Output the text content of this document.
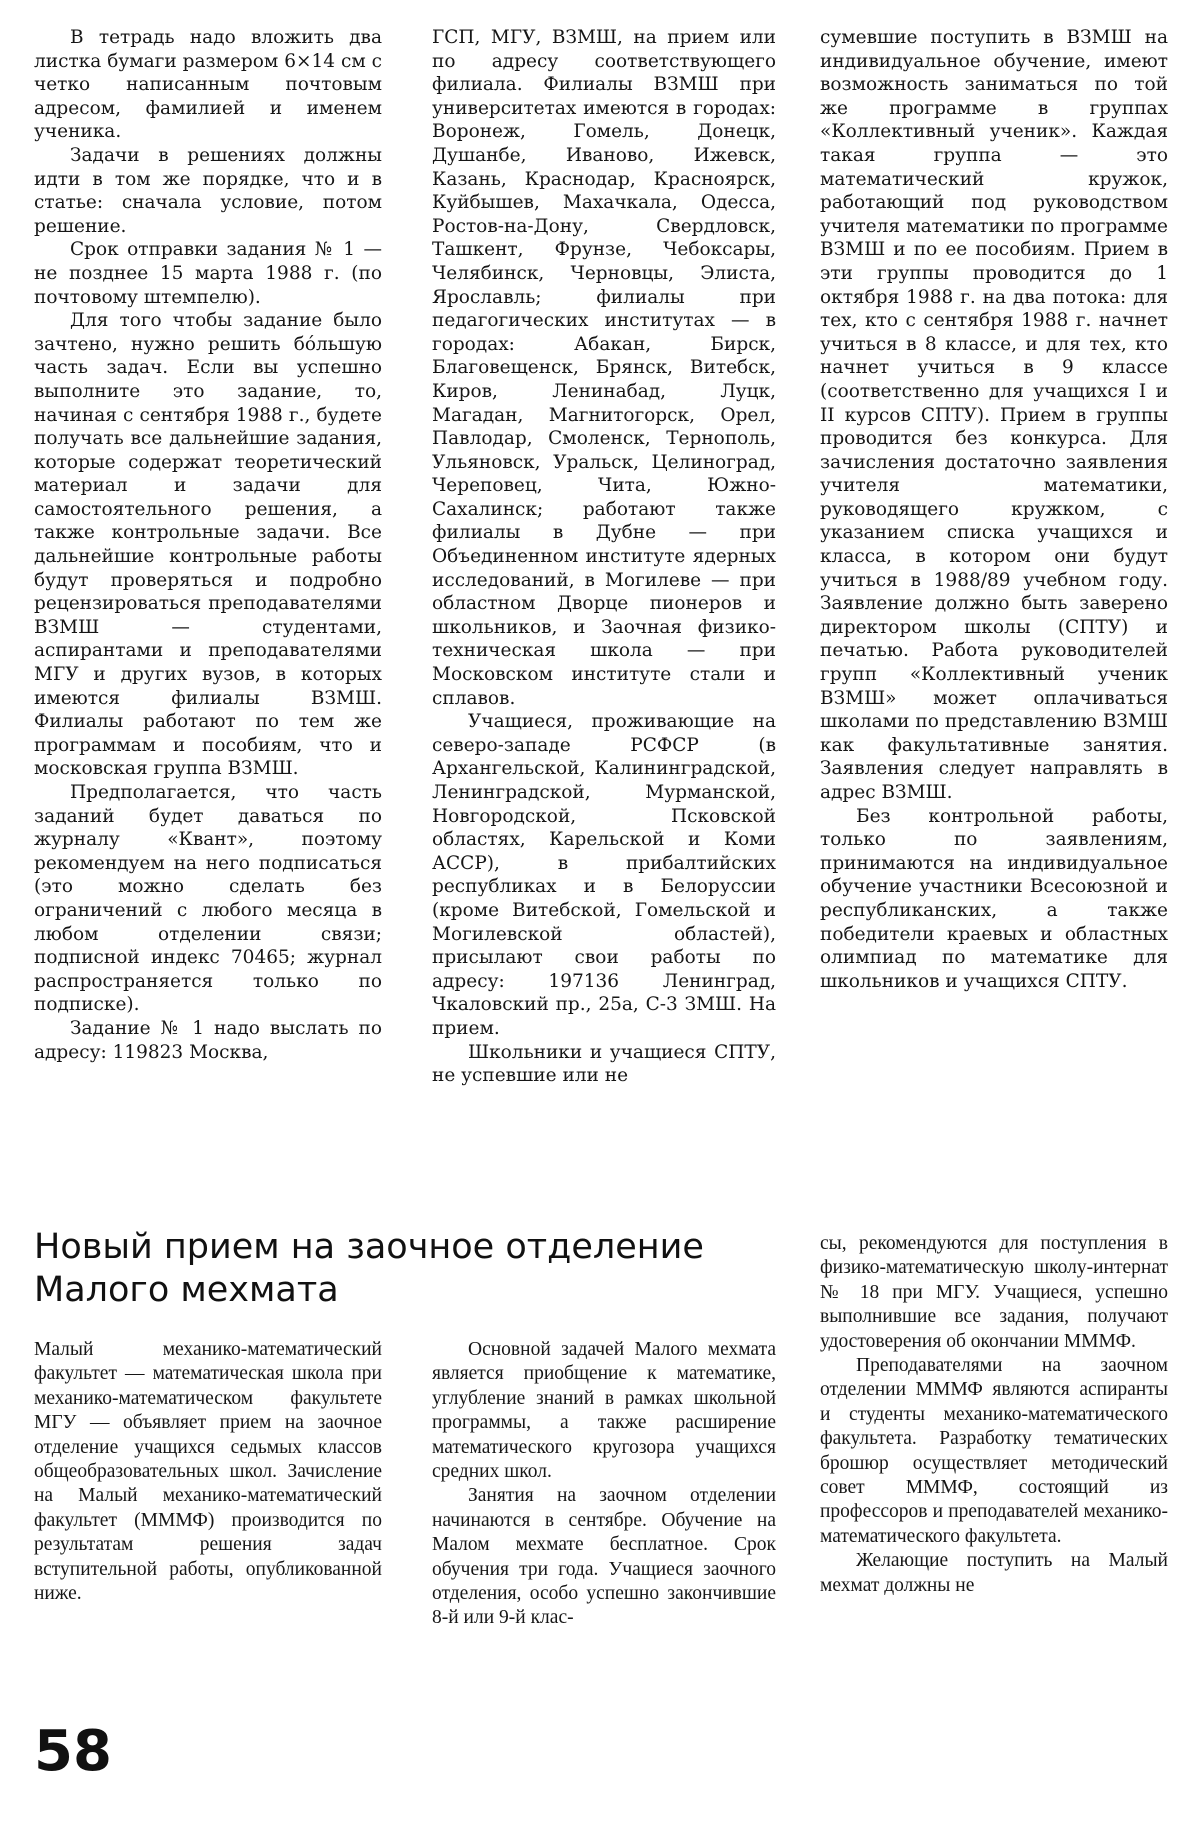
В тетрадь надо вложить два листка бумаги размером 6×14 см с четко написанным почтовым адресом, фамилией и именем ученика.

Задачи в решениях должны идти в том же порядке, что и в статье: сначала условие, потом решение.

Срок отправки задания № 1 — не позднее 15 марта 1988 г. (по почтовому штемпелю).

Для того чтобы задание было зачтено, нужно решить бо́льшую часть задач. Если вы успешно выполните это задание, то, начиная с сентября 1988 г., будете получать все дальнейшие задания, которые содержат теоретический материал и задачи для самостоятельного решения, а также контрольные задачи. Все дальнейшие контрольные работы будут проверяться и подробно рецензироваться преподавателями ВЗМШ — студентами, аспирантами и преподавателями МГУ и других вузов, в которых имеются филиалы ВЗМШ. Филиалы работают по тем же программам и пособиям, что и московская группа ВЗМШ.

Предполагается, что часть заданий будет даваться по журналу «Квант», поэтому рекомендуем на него подписаться (это можно сделать без ограничений с любого месяца в любом отделении связи; подписной индекс 70465; журнал распространяется только по подписке).

Задание № 1 надо выслать по адресу: 119823 Москва,

ГСП, МГУ, ВЗМШ, на прием или по адресу соответствующего филиала. Филиалы ВЗМШ при университетах имеются в городах: Воронеж, Гомель, Донецк, Душанбе, Иваново, Ижевск, Казань, Краснодар, Красноярск, Куйбышев, Махачкала, Одесса, Ростов-на-Дону, Свердловск, Ташкент, Фрунзе, Чебоксары, Челябинск, Черновцы, Элиста, Ярославль; филиалы при педагогических институтах — в городах: Абакан, Бирск, Благовещенск, Брянск, Витебск, Киров, Ленинабад, Луцк, Магадан, Магнитогорск, Орел, Павлодар, Смоленск, Тернополь, Ульяновск, Уральск, Целиноград, Череповец, Чита, Южно-Сахалинск; работают также филиалы в Дубне — при Объединенном институте ядерных исследований, в Могилеве — при областном Дворце пионеров и школьников, и Заочная физико-техническая школа — при Московском институте стали и сплавов.

Учащиеся, проживающие на северо-западе РСФСР (в Архангельской, Калининградской, Ленинградской, Мурманской, Новгородской, Псковской областях, Карельской и Коми АССР), в прибалтийских республиках и в Белоруссии (кроме Витебской, Гомельской и Могилевской областей), присылают свои работы по адресу: 197136 Ленинград, Чкаловский пр., 25а, С-3 ЗМШ. На прием.

Школьники и учащиеся СПТУ, не успевшие или не

сумевшие поступить в ВЗМШ на индивидуальное обучение, имеют возможность заниматься по той же программе в группах «Коллективный ученик». Каждая такая группа — это математический кружок, работающий под руководством учителя математики по программе ВЗМШ и по ее пособиям. Прием в эти группы проводится до 1 октября 1988 г. на два потока: для тех, кто с сентября 1988 г. начнет учиться в 8 классе, и для тех, кто начнет учиться в 9 классе (соответственно для учащихся I и II курсов СПТУ). Прием в группы проводится без конкурса. Для зачисления достаточно заявления учителя математики, руководящего кружком, с указанием списка учащихся и класса, в котором они будут учиться в 1988/89 учебном году. Заявление должно быть заверено директором школы (СПТУ) и печатью. Работа руководителей групп «Коллективный ученик ВЗМШ» может оплачиваться школами по представлению ВЗМШ как факультативные занятия. Заявления следует направлять в адрес ВЗМШ.

Без контрольной работы, только по заявлениям, принимаются на индивидуальное обучение участники Всесоюзной и республиканских, а также победители краевых и областных олимпиад по математике для школьников и учащихся СПТУ.

Новый прием на заочное отделение Малого мехмата

Малый механико-математический факультет — математическая школа при механико-математическом факультете МГУ — объявляет прием на заочное отделение учащихся седьмых классов общеобразовательных школ. Зачисление на Малый механико-математический факультет (МММФ) производится по результатам решения задач вступительной работы, опубликованной ниже.

Основной задачей Малого мехмата является приобщение к математике, углубление знаний в рамках школьной программы, а также расширение математического кругозора учащихся средних школ.

Занятия на заочном отделении начинаются в сентябре. Обучение на Малом мехмате бесплатное. Срок обучения три года. Учащиеся заочного отделения, особо успешно закончившие 8-й или 9-й клас-

сы, рекомендуются для поступления в физико-математическую школу-интернат № 18 при МГУ. Учащиеся, успешно выполнившие все задания, получают удостоверения об окончании МММФ.

Преподавателями на заочном отделении МММФ являются аспиранты и студенты механико-математического факультета. Разработку тематических брошюр осуществляет методический совет МММФ, состоящий из профессоров и преподавателей механико-математического факультета.

Желающие поступить на Малый мехмат должны не

58
